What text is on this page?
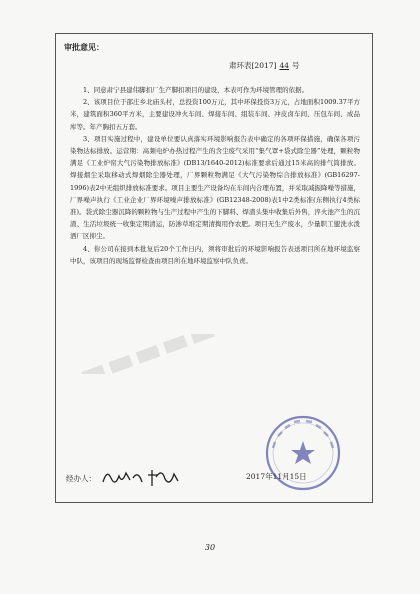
审批意见：
肃环表[2017] 44 号

1、同意肃宁县建伟脚扣厂生产脚扣项目的建设，本表可作为环境管理的依据。

2、该项目位于邵庄乡北庙头村，总投资100万元，其中环保投资3万元，占地面积1009.37平方米，建筑面积360平方米，主要建设冲火车间、焊接车间、组装车间、冲皮卤车间、压包车间、成品库等。年产胸扣五万套。

3、项目实施过程中，建设单位要认真落实环境影响报告表中确定的各项环保措施，确保各项污染物达标排放。运营期：高频电炉办热过程产生的含尘废气采用“集气罩+袋式除尘器”处理，颗粒物满足《工业炉窑大气污染物排放标准》(DB13/1640-2012)标准要求后通过15米高的排气筒排放。焊接烟尘采取移动式焊烟除尘器处理，厂界颗粒物满足《大气污染物综合排放标准》(GB16297-1996)表2中无组织排放标准要求。项目主要生产设备均在车间内合理布置，并采取减振降噪等措施，厂界噪声执行《工业企业厂界环境噪声排放标准》(GB12348-2008)表1中2类标准(东侧执行4类标准)。袋式除尘器沉降的颗粒物与生产过程中产生的下脚料、焊渣头集中收集后外售，淬火池产生的沉渣、生活垃圾统一收集定期清运，防渗草堆定期清掏用作农肥。项目无生产废水，少量职工盥洗水泼洒厂区抑尘。

4、你公司在接到本批复后20个工作日内，须将审批后的环境影响报告表送项目所在地环境监察中队，该项目的现场监督检查由项目所在地环境监察中队负责。

经办人：	2017年11月15日
30
